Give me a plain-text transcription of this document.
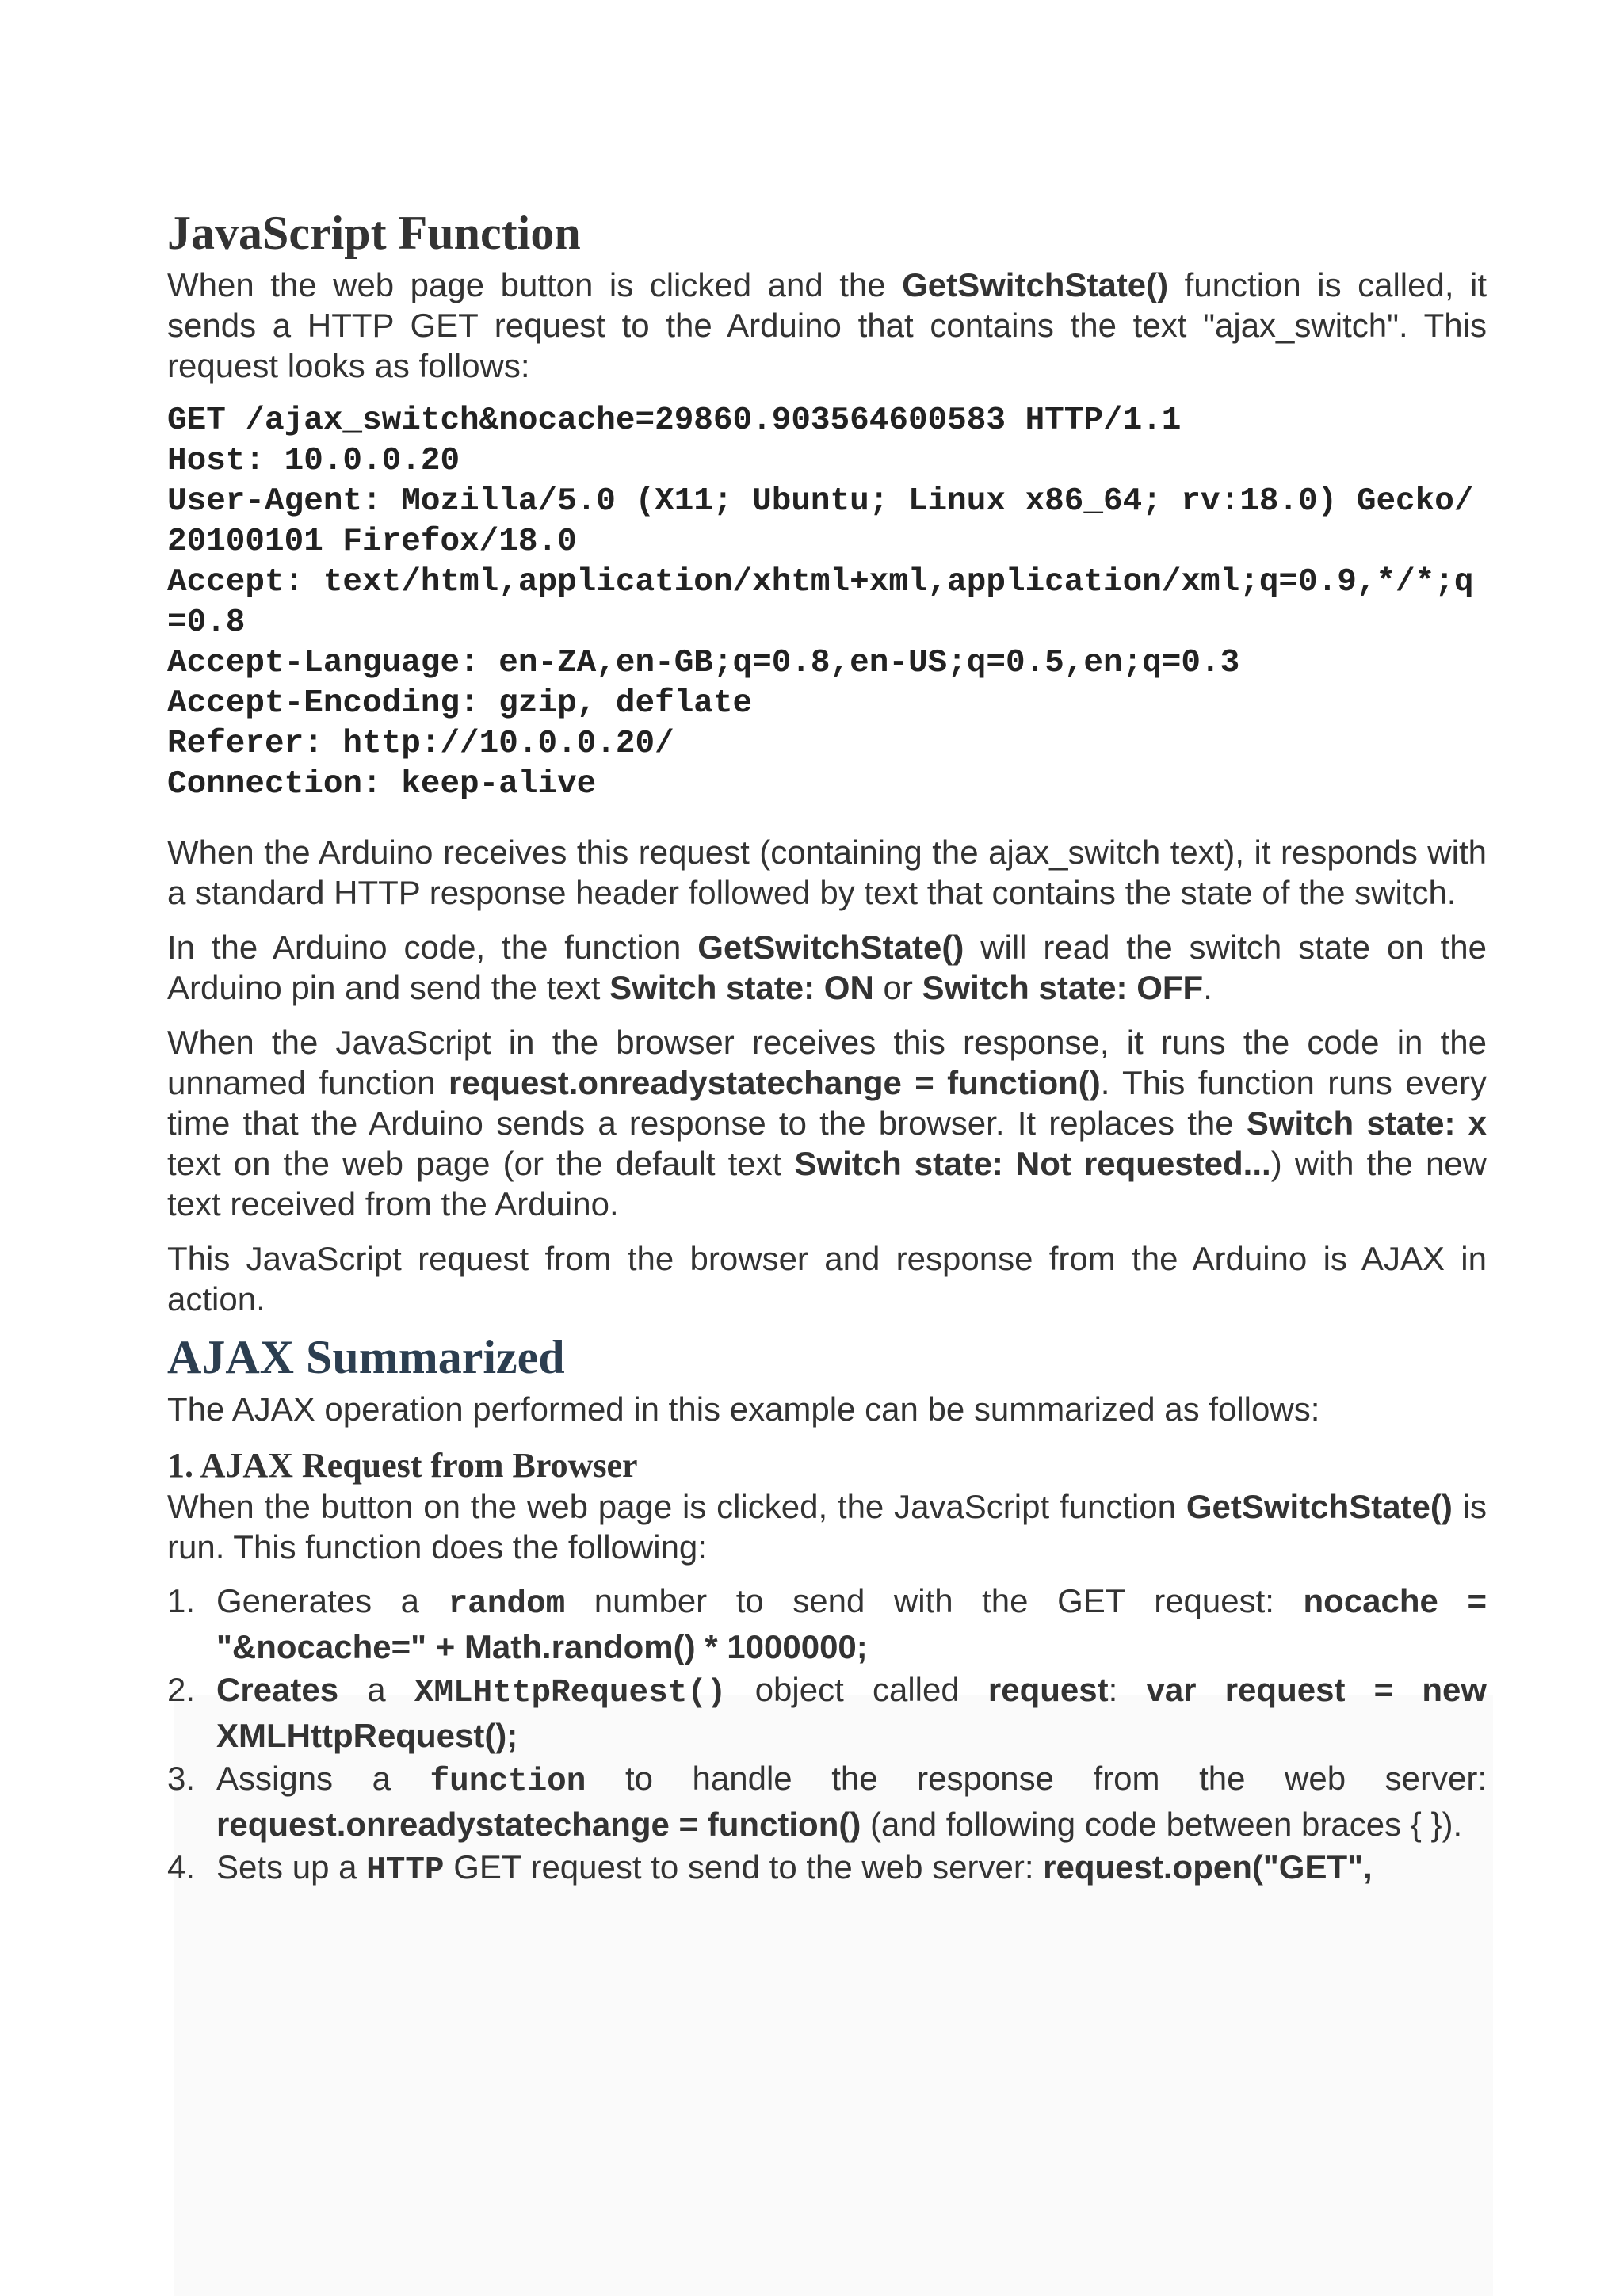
JavaScript Function

When the web page button is clicked and the GetSwitchState() function is called, it sends a HTTP GET request to the Arduino that contains the text "ajax_switch". This request looks as follows:

GET /ajax_switch&nocache=29860.903564600583 HTTP/1.1
Host: 10.0.0.20
User-Agent: Mozilla/5.0 (X11; Ubuntu; Linux x86_64; rv:18.0) Gecko/20100101 Firefox/18.0
Accept: text/html,application/xhtml+xml,application/xml;q=0.9,*/*;q=0.8
Accept-Language: en-ZA,en-GB;q=0.8,en-US;q=0.5,en;q=0.3
Accept-Encoding: gzip, deflate
Referer: http://10.0.0.20/
Connection: keep-alive

When the Arduino receives this request (containing the ajax_switch text), it responds with a standard HTTP response header followed by text that contains the state of the switch.

In the Arduino code, the function GetSwitchState() will read the switch state on the Arduino pin and send the text Switch state: ON or Switch state: OFF.

When the JavaScript in the browser receives this response, it runs the code in the unnamed function request.onreadystatechange = function(). This function runs every time that the Arduino sends a response to the browser. It replaces the Switch state: x text on the web page (or the default text Switch state: Not requested...) with the new text received from the Arduino.

This JavaScript request from the browser and response from the Arduino is AJAX in action.

AJAX Summarized

The AJAX operation performed in this example can be summarized as follows:

1. AJAX Request from Browser

When the button on the web page is clicked, the JavaScript function GetSwitchState() is run. This function does the following:

1. Generates a random number to send with the GET request: nocache = "&nocache=" + Math.random() * 1000000;
2. Creates a XMLHttpRequest() object called request: var request = new XMLHttpRequest();
3. Assigns a function to handle the response from the web server: request.onreadystatechange = function() (and following code between braces { }).
4. Sets up a HTTP GET request to send to the web server: request.open("GET",
